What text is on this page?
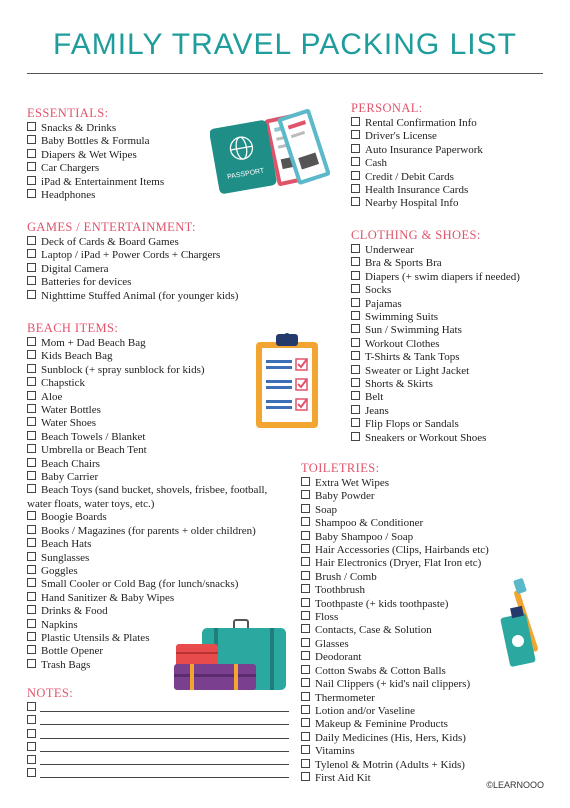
FAMILY TRAVEL PACKING LIST
ESSENTIALS:
Snacks & Drinks
Baby Bottles & Formula
Diapers & Wet Wipes
Car Chargers
iPad & Entertainment Items
Headphones
GAMES / ENTERTAINMENT:
Deck of Cards & Board Games
Laptop / iPad + Power Cords + Chargers
Digital Camera
Batteries for devices
Nighttime Stuffed Animal (for younger kids)
BEACH ITEMS:
Mom + Dad Beach Bag
Kids Beach Bag
Sunblock (+ spray sunblock for kids)
Chapstick
Aloe
Water Bottles
Water Shoes
Beach Towels / Blanket
Umbrella or Beach Tent
Beach Chairs
Baby Carrier
Beach Toys (sand bucket, shovels, frisbee, football, water floats, water toys, etc.)
Boogie Boards
Books / Magazines (for parents + older children)
Beach Hats
Sunglasses
Goggles
Small Cooler or Cold Bag (for lunch/snacks)
Hand Sanitizer & Baby Wipes
Drinks & Food
Napkins
Plastic Utensils & Plates
Bottle Opener
Trash Bags
NOTES:
PERSONAL:
Rental Confirmation Info
Driver's License
Auto Insurance Paperwork
Cash
Credit / Debit Cards
Health Insurance Cards
Nearby Hospital Info
CLOTHING & SHOES:
Underwear
Bra & Sports Bra
Diapers (+ swim diapers if needed)
Socks
Pajamas
Swimming Suits
Sun / Swimming Hats
Workout Clothes
T-Shirts & Tank Tops
Sweater or Light Jacket
Shorts & Skirts
Belt
Jeans
Flip Flops or Sandals
Sneakers or Workout Shoes
TOILETRIES:
Extra Wet Wipes
Baby Powder
Soap
Shampoo & Conditioner
Baby Shampoo / Soap
Hair Accessories (Clips, Hairbands etc)
Hair Electronics (Dryer, Flat Iron etc)
Brush / Comb
Toothbrush
Toothpaste (+ kids toothpaste)
Floss
Contacts, Case & Solution
Glasses
Deodorant
Cotton Swabs & Cotton Balls
Nail Clippers (+ kid's nail clippers)
Thermometer
Lotion and/or Vaseline
Makeup & Feminine Products
Daily Medicines (His, Hers, Kids)
Vitamins
Tylenol & Motrin (Adults + Kids)
First Aid Kit
PASSPORT
©LEARNOOO
